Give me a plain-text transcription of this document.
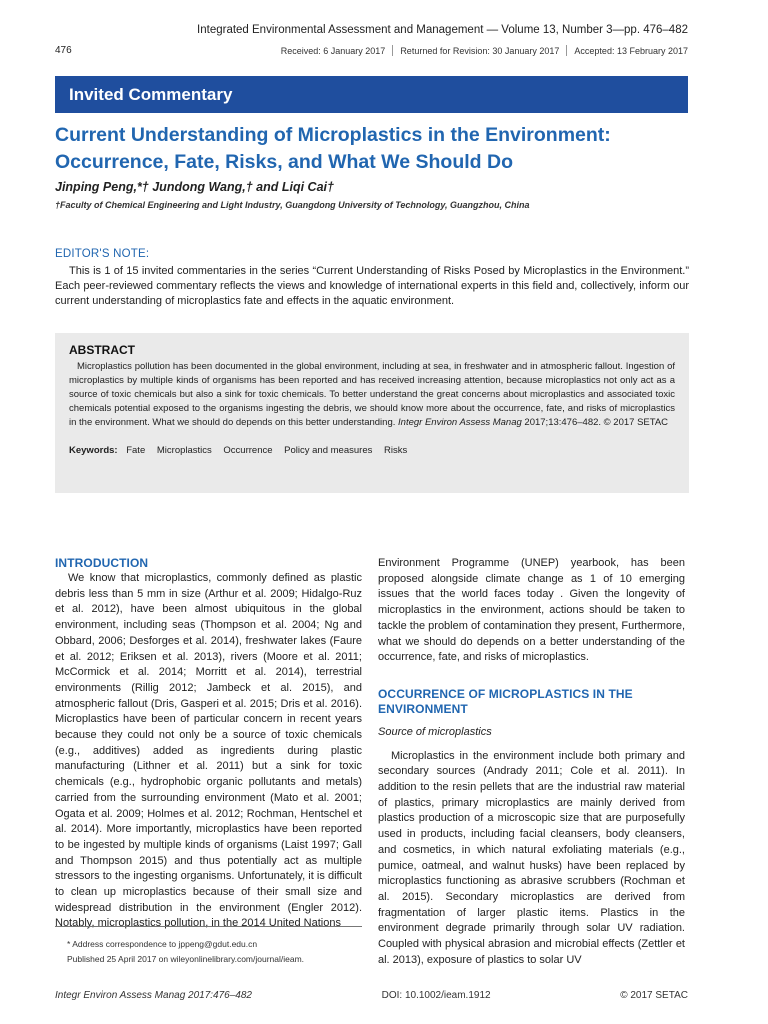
Integrated Environmental Assessment and Management — Volume 13, Number 3—pp. 476–482
476	Received: 6 January 2017 Returned for Revision: 30 January 2017 Accepted: 13 February 2017
Invited Commentary
Current Understanding of Microplastics in the Environment: Occurrence, Fate, Risks, and What We Should Do
Jinping Peng,*† Jundong Wang,† and Liqi Cai†
†Faculty of Chemical Engineering and Light Industry, Guangdong University of Technology, Guangzhou, China
EDITOR'S NOTE:

This is 1 of 15 invited commentaries in the series “Current Understanding of Risks Posed by Microplastics in the Environment.” Each peer-reviewed commentary reflects the views and knowledge of international experts in this field and, collectively, inform our current understanding of microplastics fate and effects in the aquatic environment.

ABSTRACT

Microplastics pollution has been documented in the global environment, including at sea, in freshwater and in atmospheric fallout. Ingestion of microplastics by multiple kinds of organisms has been reported and has received increasing attention, because microplastics not only act as a source of toxic chemicals but also a sink for toxic chemicals. To better understand the great concerns about microplastics and associated toxic chemicals potential exposed to the organisms ingesting the debris, we should know more about the occurrence, fate, and risks of microplastics in the environment. What we should do depends on this better understanding. Integr Environ Assess Manag 2017;13:476–482. © 2017 SETAC

Keywords: Fate Microplastics Occurrence Policy and measures Risks
INTRODUCTION

We know that microplastics, commonly defined as plastic debris less than 5 mm in size (Arthur et al. 2009; Hidalgo-Ruz et al. 2012), have been almost ubiquitous in the global environment, including seas (Thompson et al. 2004; Ng and Obbard, 2006; Desforges et al. 2014), freshwater lakes (Faure et al. 2012; Eriksen et al. 2013), rivers (Moore et al. 2011; McCormick et al. 2014; Morritt et al. 2014), terrestrial environments (Rillig 2012; Jambeck et al. 2015), and atmospheric fallout (Dris, Gasperi et al. 2015; Dris et al. 2016). Microplastics have been of particular concern in recent years because they could not only be a source of toxic chemicals (e.g., additives) added as ingredients during plastic manufacturing (Lithner et al. 2011) but a sink for toxic chemicals (e.g., hydrophobic organic pollutants and metals) carried from the surrounding environment (Mato et al. 2001; Ogata et al. 2009; Holmes et al. 2012; Rochman, Hentschel et al. 2014). More importantly, microplastics have been reported to be ingested by multiple kinds of organisms (Laist 1997; Gall and Thompson 2015) and thus potentially act as multiple stressors to the ingesting organisms. Unfortunately, it is difficult to clean up microplastics because of their small size and widespread distribution in the environment (Engler 2012). Notably, microplastics pollution, in the 2014 United Nations

Environment Programme (UNEP) yearbook, has been proposed alongside climate change as 1 of 10 emerging issues that the world faces today . Given the longevity of microplastics in the environment, actions should be taken to tackle the problem of contamination they present, Furthermore, what we should do depends on a better understanding of the occurrence, fate, and risks of microplastics.

OCCURRENCE OF MICROPLASTICS IN THE ENVIRONMENT
Source of microplastics

Microplastics in the environment include both primary and secondary sources (Andrady 2011; Cole et al. 2011). In addition to the resin pellets that are the industrial raw material of plastics, primary microplastics are mainly derived from plastics production of a microscopic size that are purposefully used in products, including facial cleansers, body cleansers, and cosmetics, in which natural exfoliating materials (e.g., pumice, oatmeal, and walnut husks) have been replaced by microplastics functioning as abrasive scrubbers (Rochman et al. 2015). Secondary microplastics are derived from fragmentation of larger plastic items. Plastics in the environment degrade primarily through solar UV radiation. Coupled with physical abrasion and microbial effects (Zettler et al. 2013), exposure of plastics to solar UV

* Address correspondence to jppeng@gdut.edu.cn

Published 25 April 2017 on wileyonlinelibrary.com/journal/ieam.

Integr Environ Assess Manag 2017:476–482	DOI: 10.1002/ieam.1912	© 2017 SETAC
